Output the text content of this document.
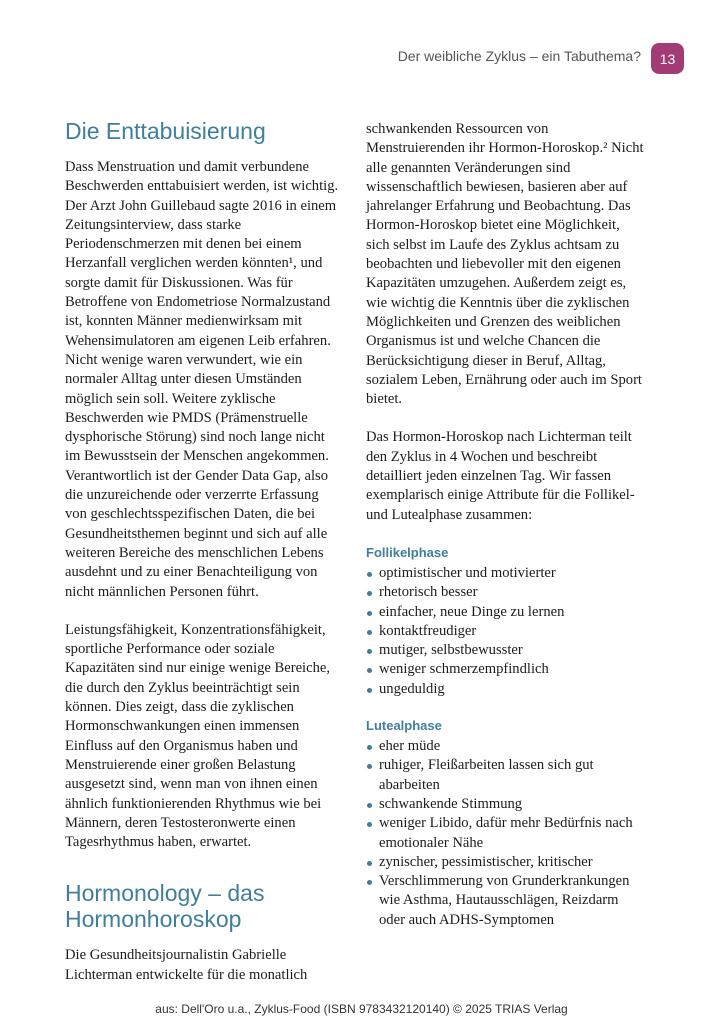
Der weibliche Zyklus – ein Tabuthema?	13
Die Enttabuisierung

Dass Menstruation und damit verbundene Beschwerden enttabuisiert werden, ist wichtig. Der Arzt John Guillebaud sagte 2016 in einem Zeitungsinterview, dass starke Periodenschmerzen mit denen bei einem Herzanfall verglichen werden könnten¹, und sorgte damit für Diskussionen. Was für Betroffene von Endometriose Normalzustand ist, konnten Männer medienwirksam mit Wehensimulatoren am eigenen Leib erfahren. Nicht wenige waren verwundert, wie ein normaler Alltag unter diesen Umständen möglich sein soll. Weitere zyklische Beschwerden wie PMDS (Prämenstruelle dysphorische Störung) sind noch lange nicht im Bewusstsein der Menschen angekommen. Verantwortlich ist der Gender Data Gap, also die unzureichende oder verzerrte Erfassung von geschlechtsspezifischen Daten, die bei Gesundheitsthemen beginnt und sich auf alle weiteren Bereiche des menschlichen Lebens ausdehnt und zu einer Benachteiligung von nicht männlichen Personen führt.

Leistungsfähigkeit, Konzentrationsfähigkeit, sportliche Performance oder soziale Kapazitäten sind nur einige wenige Bereiche, die durch den Zyklus beeinträchtigt sein können. Dies zeigt, dass die zyklischen Hormonschwankungen einen immensen Einfluss auf den Organismus haben und Menstruierende einer großen Belastung ausgesetzt sind, wenn man von ihnen einen ähnlich funktionierenden Rhythmus wie bei Männern, deren Testosteronwerte einen Tagesrhythmus haben, erwartet.

Hormonology – das Hormonhoroskop

Die Gesundheitsjournalistin Gabrielle Lichterman entwickelte für die monatlich

schwankenden Ressourcen von Menstruierenden ihr Hormon-Horoskop.² Nicht alle genannten Veränderungen sind wissenschaftlich bewiesen, basieren aber auf jahrelanger Erfahrung und Beobachtung. Das Hormon-Horoskop bietet eine Möglichkeit, sich selbst im Laufe des Zyklus achtsam zu beobachten und liebevoller mit den eigenen Kapazitäten umzugehen. Außerdem zeigt es, wie wichtig die Kenntnis über die zyklischen Möglichkeiten und Grenzen des weiblichen Organismus ist und welche Chancen die Berücksichtigung dieser in Beruf, Alltag, sozialem Leben, Ernährung oder auch im Sport bietet.

Das Hormon-Horoskop nach Lichterman teilt den Zyklus in 4 Wochen und beschreibt detailliert jeden einzelnen Tag. Wir fassen exemplarisch einige Attribute für die Follikel- und Lutealphase zusammen:

Follikelphase
optimistischer und motivierter
rhetorisch besser
einfacher, neue Dinge zu lernen
kontaktfreudiger
mutiger, selbstbewusster
weniger schmerzempfindlich
ungeduldig
Lutealphase
eher müde
ruhiger, Fleißarbeiten lassen sich gut abarbeiten
schwankende Stimmung
weniger Libido, dafür mehr Bedürfnis nach emotionaler Nähe
zynischer, pessimistischer, kritischer
Verschlimmerung von Grunderkrankungen wie Asthma, Hautausschlägen, Reizdarm oder auch ADHS-Symptomen
aus: Dell'Oro u.a., Zyklus-Food (ISBN 9783432120140) © 2025 TRIAS Verlag
